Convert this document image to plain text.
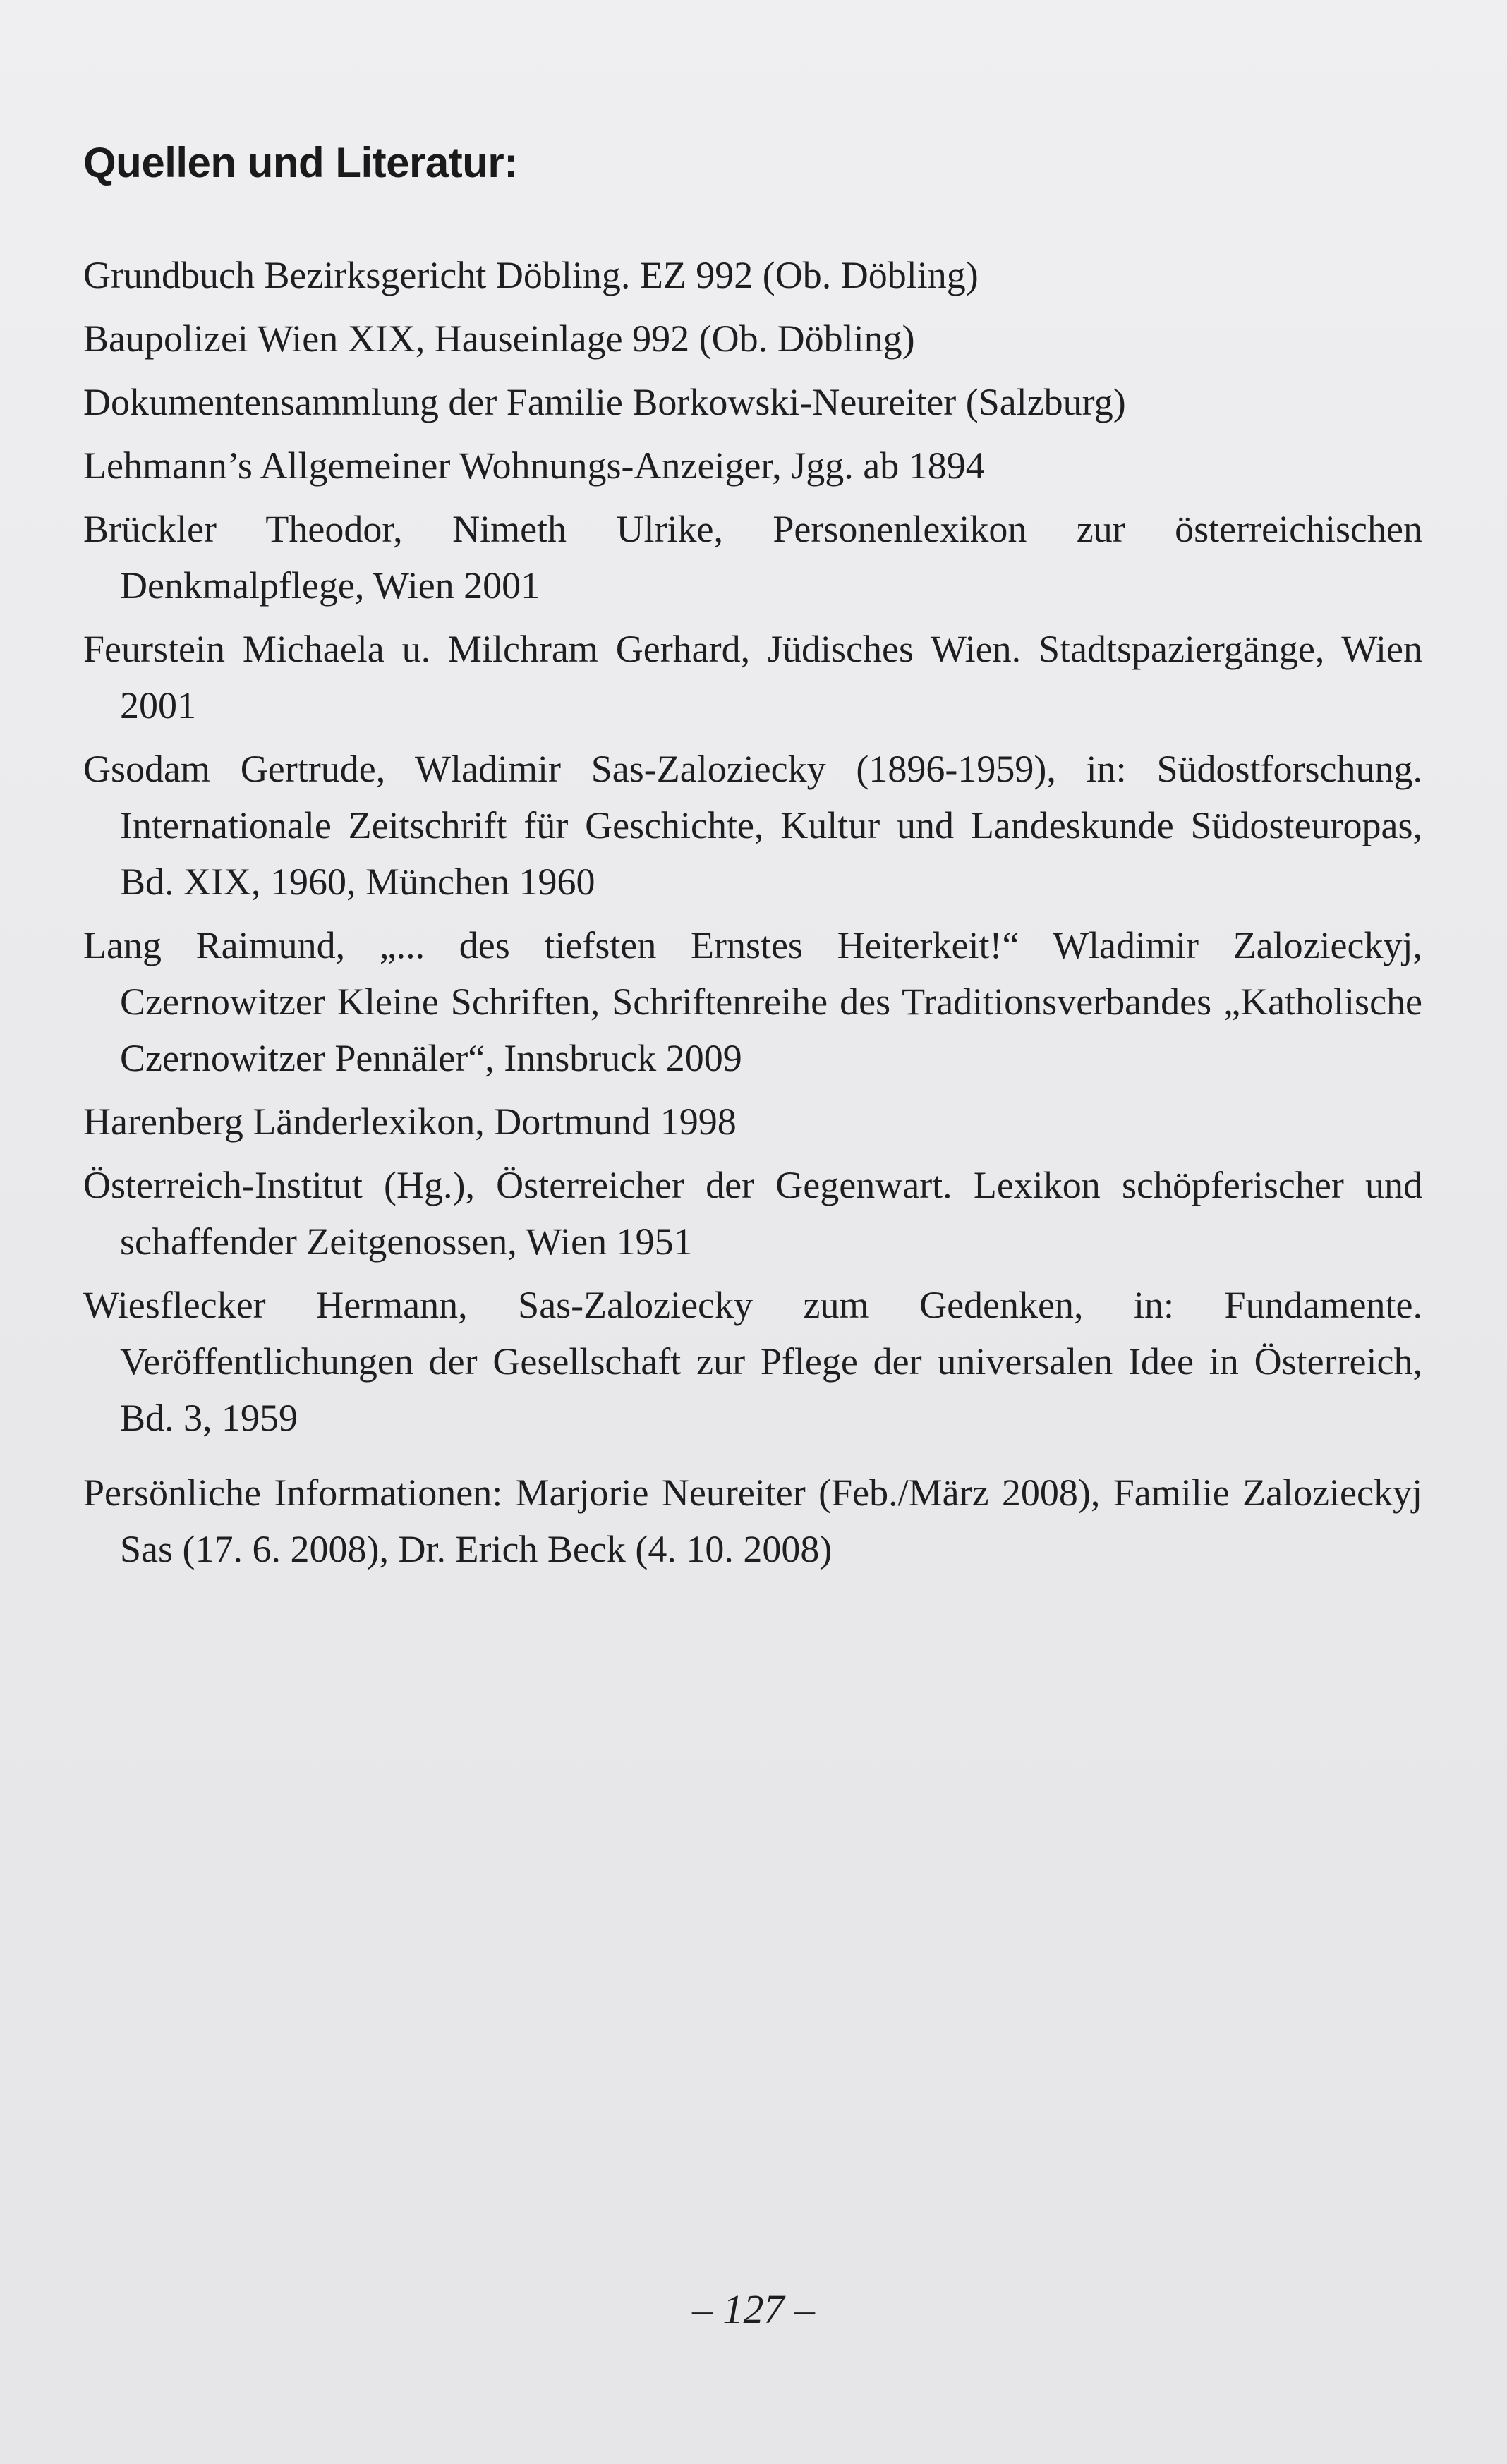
Quellen und Literatur:
Grundbuch Bezirksgericht Döbling. EZ 992 (Ob. Döbling)
Baupolizei Wien XIX, Hauseinlage 992 (Ob. Döbling)
Dokumentensammlung der Familie Borkowski-Neureiter (Salzburg)
Lehmann’s Allgemeiner Wohnungs-Anzeiger, Jgg. ab 1894
Brückler Theodor, Nimeth Ulrike, Personenlexikon zur österreichischen Denkmalpflege, Wien 2001
Feurstein Michaela u. Milchram Gerhard, Jüdisches Wien. Stadtspaziergänge, Wien 2001
Gsodam Gertrude, Wladimir Sas-Zaloziecky (1896-1959), in: Südostforschung. Internationale Zeitschrift für Geschichte, Kultur und Landeskunde Südosteuropas, Bd. XIX, 1960, München 1960
Lang Raimund, „... des tiefsten Ernstes Heiterkeit!“ Wladimir Zalozieckyj, Czernowitzer Kleine Schriften, Schriftenreihe des Traditionsverbandes „Katholische Czernowitzer Pennäler“, Innsbruck 2009
Harenberg Länderlexikon, Dortmund 1998
Österreich-Institut (Hg.), Österreicher der Gegenwart. Lexikon schöpferischer und schaffender Zeitgenossen, Wien 1951
Wiesflecker Hermann, Sas-Zaloziecky zum Gedenken, in: Fundamente. Veröffentlichungen der Gesellschaft zur Pflege der universalen Idee in Österreich, Bd. 3, 1959
Persönliche Informationen: Marjorie Neureiter (Feb./März 2008), Familie Zalozieckyj Sas (17. 6. 2008), Dr. Erich Beck (4. 10. 2008)
– 127 –
